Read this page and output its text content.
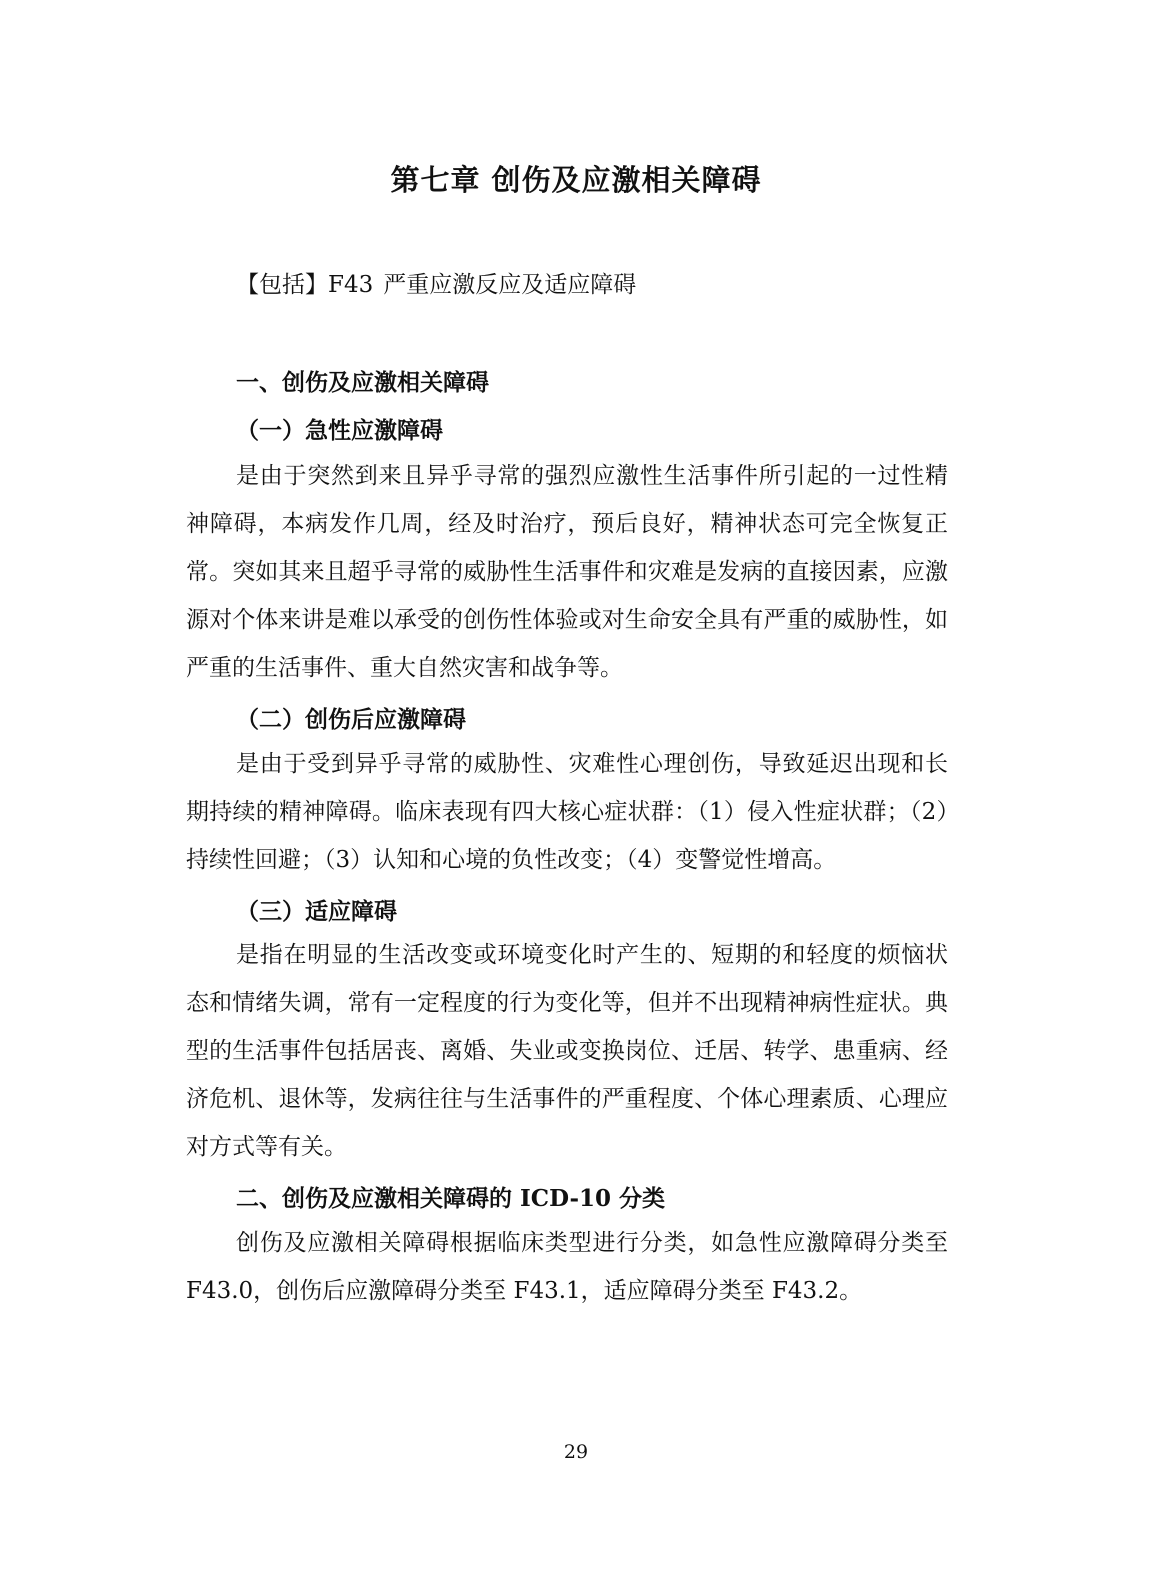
第七章 创伤及应激相关障碍

【包括】F43 严重应激反应及适应障碍

一、创伤及应激相关障碍
（一）急性应激障碍

是由于突然到来且异乎寻常的强烈应激性生活事件所引起的一过性精神障碍，本病发作几周，经及时治疗，预后良好，精神状态可完全恢复正常。突如其来且超乎寻常的威胁性生活事件和灾难是发病的直接因素，应激源对个体来讲是难以承受的创伤性体验或对生命安全具有严重的威胁性，如严重的生活事件、重大自然灾害和战争等。

（二）创伤后应激障碍

是由于受到异乎寻常的威胁性、灾难性心理创伤，导致延迟出现和长期持续的精神障碍。临床表现有四大核心症状群：（1）侵入性症状群；（2）持续性回避；（3）认知和心境的负性改变；（4）变警觉性增高。

（三）适应障碍

是指在明显的生活改变或环境变化时产生的、短期的和轻度的烦恼状态和情绪失调，常有一定程度的行为变化等，但并不出现精神病性症状。典型的生活事件包括居丧、离婚、失业或变换岗位、迁居、转学、患重病、经济危机、退休等，发病往往与生活事件的严重程度、个体心理素质、心理应对方式等有关。

二、创伤及应激相关障碍的 ICD-10 分类

创伤及应激相关障碍根据临床类型进行分类，如急性应激障碍分类至 F43.0，创伤后应激障碍分类至 F43.1，适应障碍分类至 F43.2。

29
